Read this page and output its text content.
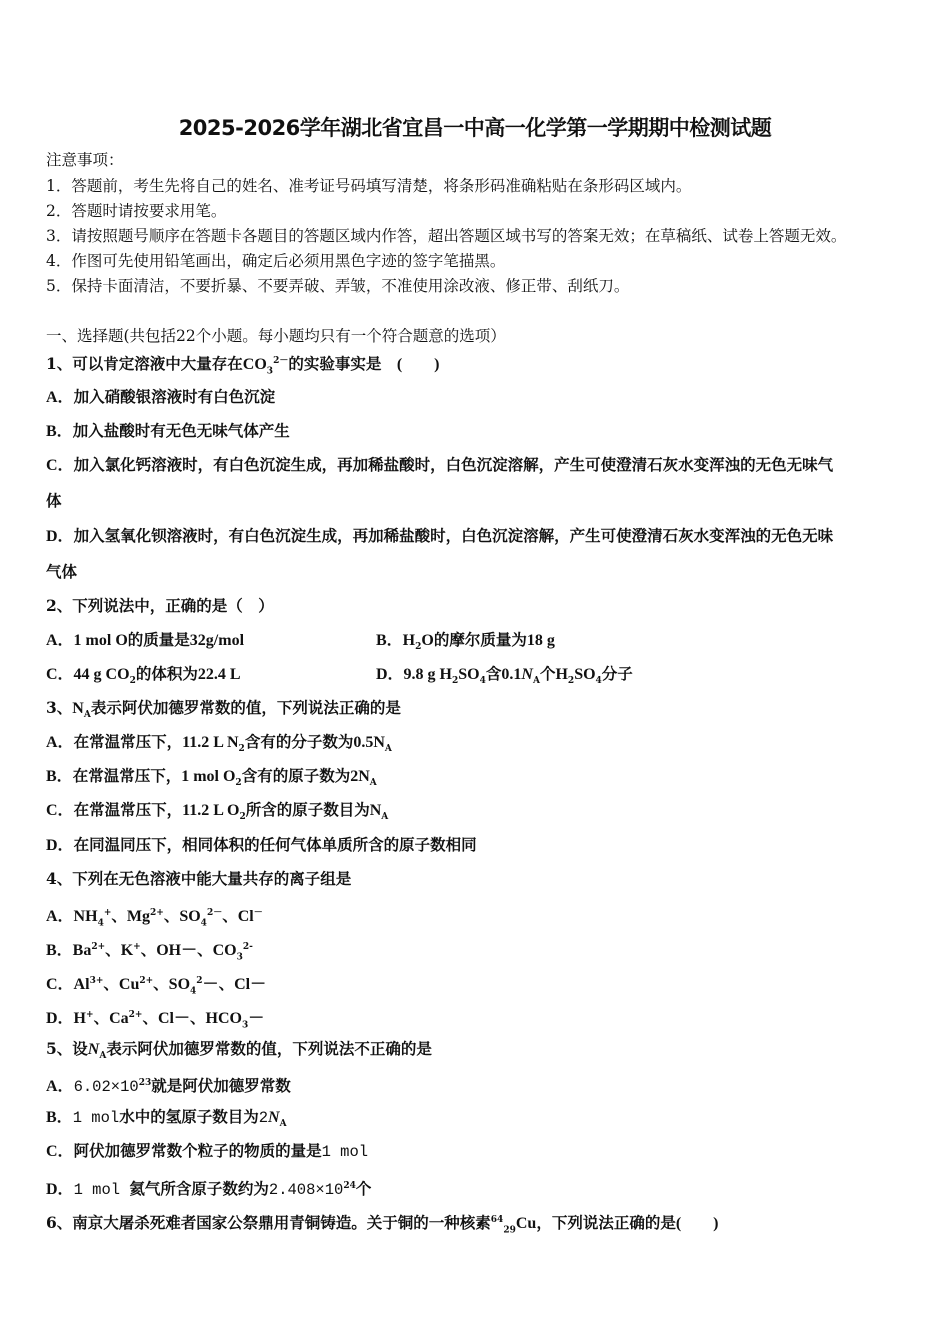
2025-2026学年湖北省宜昌一中高一化学第一学期期中检测试题
注意事项：
1．答题前，考生先将自己的姓名、准考证号码填写清楚，将条形码准确粘贴在条形码区域内。
2．答题时请按要求用笔。
3．请按照题号顺序在答题卡各题目的答题区域内作答，超出答题区域书写的答案无效；在草稿纸、试卷上答题无效。
4．作图可先使用铅笔画出，确定后必须用黑色字迹的签字笔描黑。
5．保持卡面清洁，不要折暴、不要弄破、弄皱，不准使用涂改液、修正带、刮纸刀。
一、选择题(共包括22个小题。每小题均只有一个符合题意的选项）
1、可以肯定溶液中大量存在$CO_3^{2-}$的实验事实是　(　　)
A．加入硝酸银溶液时有白色沉淀
B．加入盐酸时有无色无味气体产生
C．加入氯化钙溶液时，有白色沉淀生成，再加稀盐酸时，白色沉淀溶解，产生可使澄清石灰水变浑浊的无色无味气
体
D．加入氢氧化钡溶液时，有白色沉淀生成，再加稀盐酸时，白色沉淀溶解，产生可使澄清石灰水变浑浊的无色无味
气体
2、下列说法中，正确的是（　）
A．1 mol O的质量是32g/mol	B．$H_2O$的摩尔质量为18 g
C．44 g $CO_2$的体积为22.4 L	D．9.8 g $H_2SO_4$含$0.1N_A$个$H_2SO_4$分子
3、$N_A$表示阿伏加德罗常数的值，下列说法正确的是
A．在常温常压下，11.2 L $N_2$含有的分子数为$0.5N_A$
B．在常温常压下，1 mol $O_2$含有的原子数为$2N_A$
C．在常温常压下，11.2 L $O_2$所含的原子数目为$N_A$
D．在同温同压下，相同体积的任何气体单质所含的原子数相同
4、下列在无色溶液中能大量共存的离子组是
A．$NH_4^+$、$Mg^{2+}$、$SO_4^{2-}$、Cl－
B．$Ba^{2+}$、K+、OH－、$CO_3^{2-}$
C．$Al^{3+}$、$Cu^{2+}$、$SO_4^2-$、Cl－
D．H+、$Ca^{2+}$、Cl－、$HCO_3-$
5、设$N_A$表示阿伏加德罗常数的值，下列说法不正确的是
A．$6.02\times 10^{23}$就是阿伏加德罗常数
B．1 mol水中的氢原子数目为$2N_A$
C．阿伏加德罗常数个粒子的物质的量是1 mol
D．1 mol 氦气所含原子数约为$2.408\times 10^{24}$个
6、南京大屠杀死难者国家公祭鼎用青铜铸造。关于铜的一种核素$^{64}_{29}$Cu，下列说法正确的是(　　)
